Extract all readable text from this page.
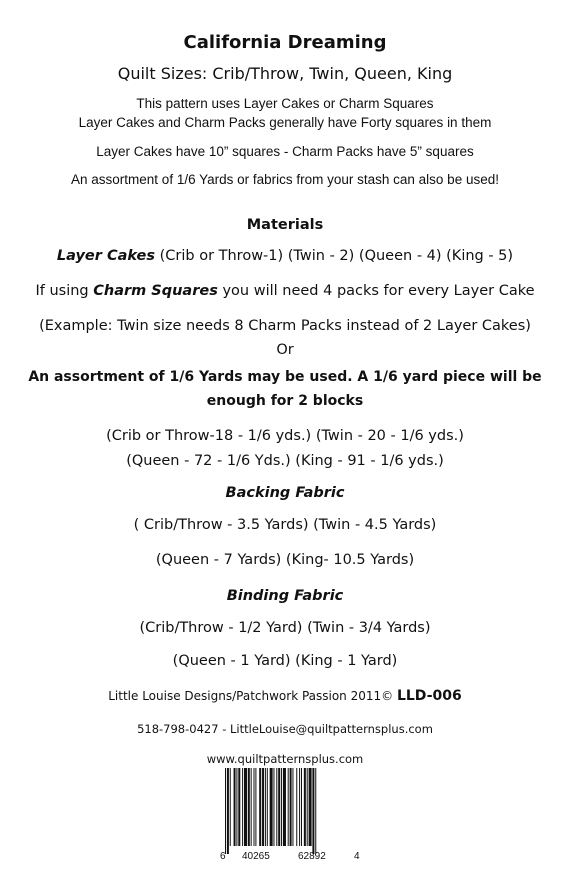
California Dreaming
Quilt Sizes: Crib/Throw, Twin, Queen, King
This pattern uses Layer Cakes or Charm Squares
Layer Cakes and Charm Packs generally have Forty squares in them
Layer Cakes have 10” squares - Charm Packs have 5” squares
An assortment of 1/6 Yards or fabrics from your stash can also be used!
Materials
Layer Cakes (Crib or Throw-1) (Twin - 2) (Queen - 4) (King - 5)
If using Charm Squares you will need 4 packs for every Layer Cake
(Example: Twin size needs 8 Charm Packs instead of 2 Layer Cakes)
Or
An assortment of 1/6 Yards may be used. A 1/6 yard piece will be
enough for 2 blocks
(Crib or Throw-18 - 1/6 yds.) (Twin - 20 - 1/6 yds.)
(Queen - 72 - 1/6 Yds.) (King - 91 - 1/6 yds.)
Backing Fabric
( Crib/Throw - 3.5 Yards) (Twin - 4.5 Yards)
(Queen - 7 Yards) (King- 10.5 Yards)
Binding Fabric
(Crib/Throw - 1/2 Yard) (Twin - 3/4 Yards)
(Queen - 1 Yard) (King - 1 Yard)
Little Louise Designs/Patchwork Passion 2011© LLD-006
518-798-0427 - LittleLouise@quiltpatternsplus.com
www.quiltpatternsplus.com
6 40265	62892	4
